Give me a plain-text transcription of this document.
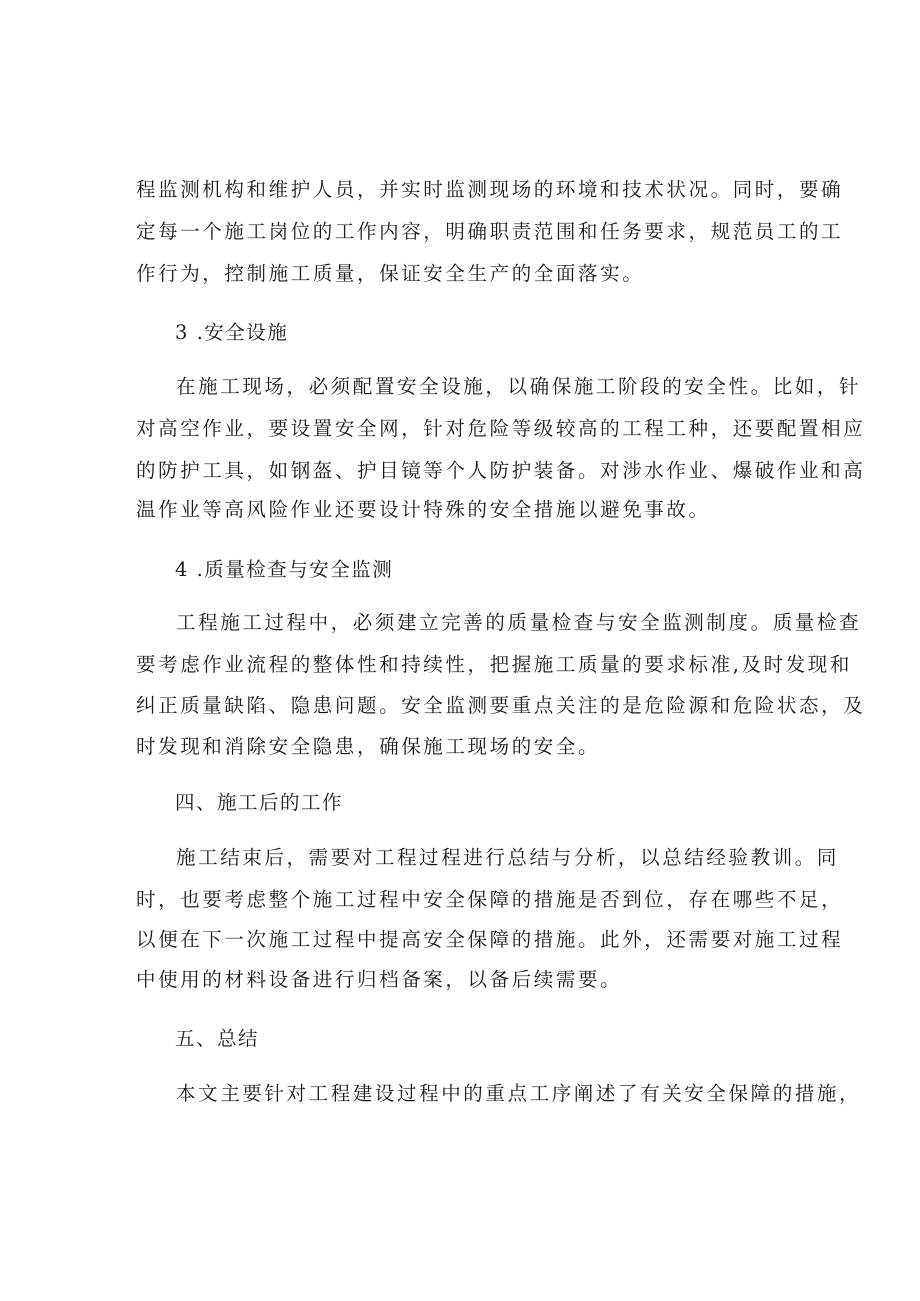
程监测机构和维护人员，并实时监测现场的环境和技术状况。同时，要确
定每一个施工岗位的工作内容，明确职责范围和任务要求，规范员工的工
作行为，控制施工质量，保证安全生产的全面落实。
3 .安全设施
在施工现场，必须配置安全设施，以确保施工阶段的安全性。比如，针
对高空作业，要设置安全网，针对危险等级较高的工程工种，还要配置相应
的防护工具，如钢盔、护目镜等个人防护装备。对涉水作业、爆破作业和高
温作业等高风险作业还要设计特殊的安全措施以避免事故。
4 .质量检查与安全监测
工程施工过程中，必须建立完善的质量检查与安全监测制度。质量检查
要考虑作业流程的整体性和持续性，把握施工质量的要求标准,及时发现和
纠正质量缺陷、隐患问题。安全监测要重点关注的是危险源和危险状态，及
时发现和消除安全隐患，确保施工现场的安全。
四、施工后的工作
施工结束后，需要对工程过程进行总结与分析，以总结经验教训。同
时，也要考虑整个施工过程中安全保障的措施是否到位，存在哪些不足，
以便在下一次施工过程中提高安全保障的措施。此外，还需要对施工过程
中使用的材料设备进行归档备案，以备后续需要。
五、总结
本文主要针对工程建设过程中的重点工序阐述了有关安全保障的措施，
